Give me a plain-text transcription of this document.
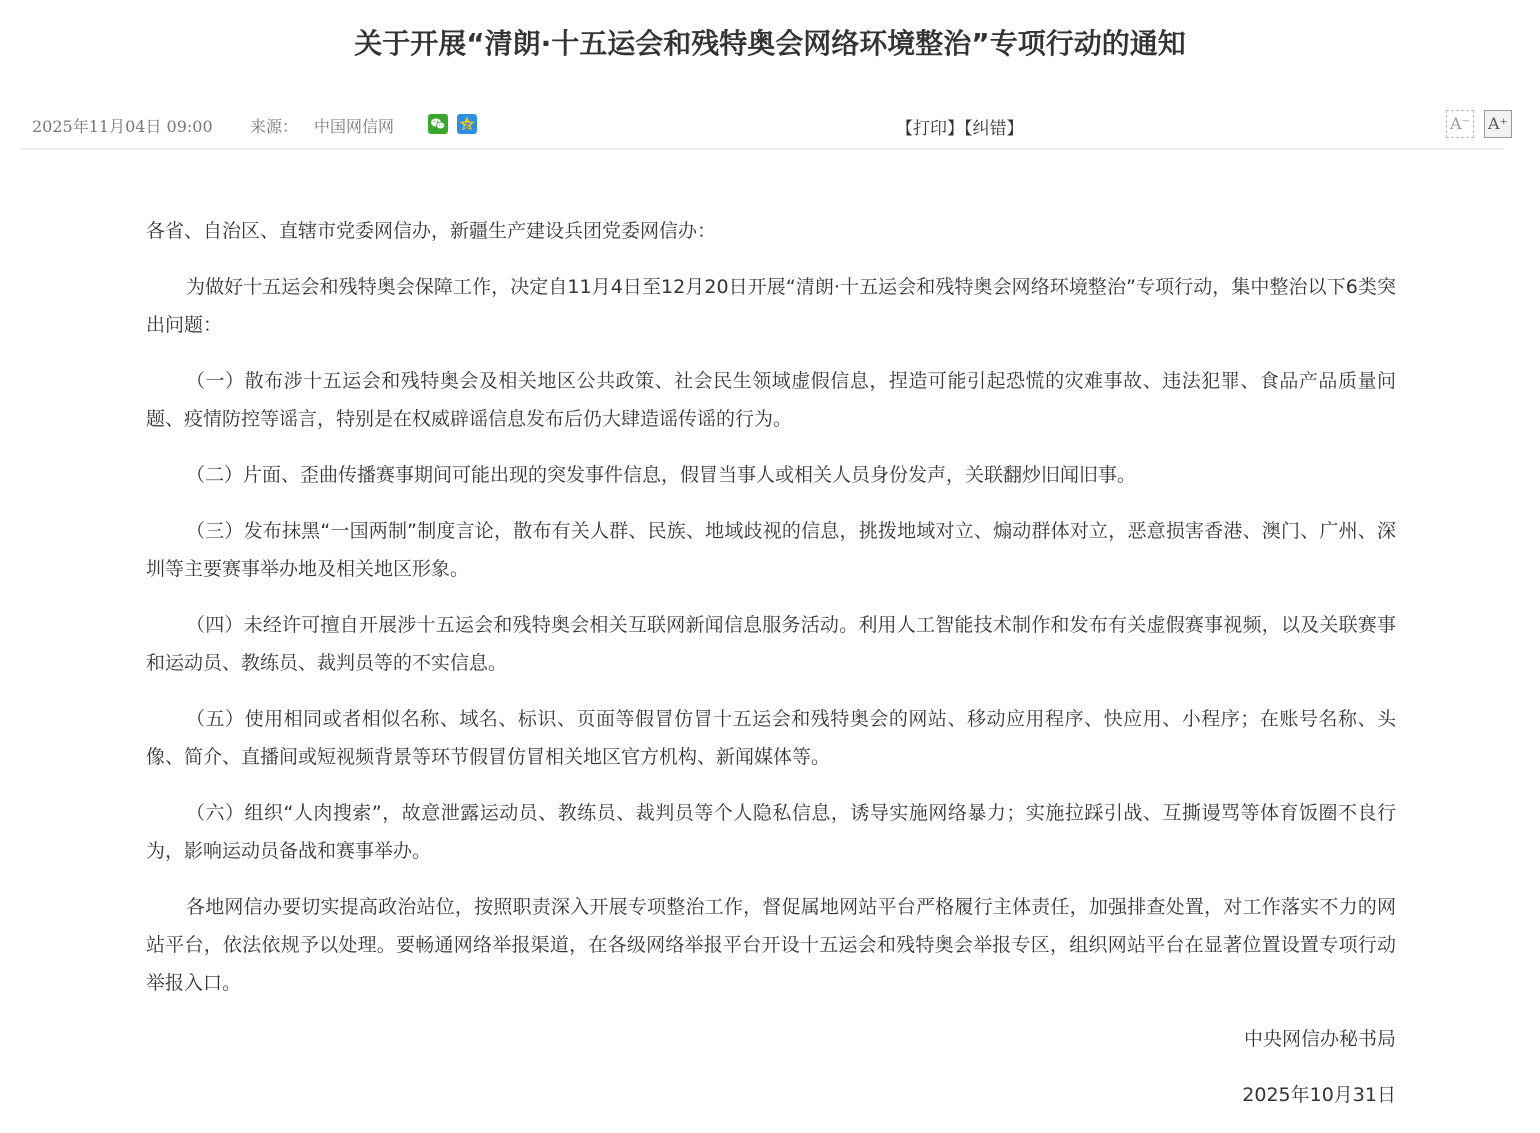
关于开展“清朗·十五运会和残特奥会网络环境整治”专项行动的通知
2025年11月04日 09:00 来源： 中国网信网	【打印】【纠错】	A⁻ A⁺

各省、自治区、直辖市党委网信办，新疆生产建设兵团党委网信办：

为做好十五运会和残特奥会保障工作，决定自11月4日至12月20日开展“清朗·十五运会和残特奥会网络环境整治”专项行动，集中整治以下6类突出问题：

（一）散布涉十五运会和残特奥会及相关地区公共政策、社会民生领域虚假信息，捏造可能引起恐慌的灾难事故、违法犯罪、食品产品质量问题、疫情防控等谣言，特别是在权威辟谣信息发布后仍大肆造谣传谣的行为。

（二）片面、歪曲传播赛事期间可能出现的突发事件信息，假冒当事人或相关人员身份发声，关联翻炒旧闻旧事。

（三）发布抹黑“一国两制”制度言论，散布有关人群、民族、地域歧视的信息，挑拨地域对立、煽动群体对立，恶意损害香港、澳门、广州、深圳等主要赛事举办地及相关地区形象。

（四）未经许可擅自开展涉十五运会和残特奥会相关互联网新闻信息服务活动。利用人工智能技术制作和发布有关虚假赛事视频，以及关联赛事和运动员、教练员、裁判员等的不实信息。

（五）使用相同或者相似名称、域名、标识、页面等假冒仿冒十五运会和残特奥会的网站、移动应用程序、快应用、小程序；在账号名称、头像、简介、直播间或短视频背景等环节假冒仿冒相关地区官方机构、新闻媒体等。

（六）组织“人肉搜索”，故意泄露运动员、教练员、裁判员等个人隐私信息，诱导实施网络暴力；实施拉踩引战、互撕谩骂等体育饭圈不良行为，影响运动员备战和赛事举办。

各地网信办要切实提高政治站位，按照职责深入开展专项整治工作，督促属地网站平台严格履行主体责任，加强排查处置，对工作落实不力的网站平台，依法依规予以处理。要畅通网络举报渠道，在各级网络举报平台开设十五运会和残特奥会举报专区，组织网站平台在显著位置设置专项行动举报入口。

中央网信办秘书局

2025年10月31日
